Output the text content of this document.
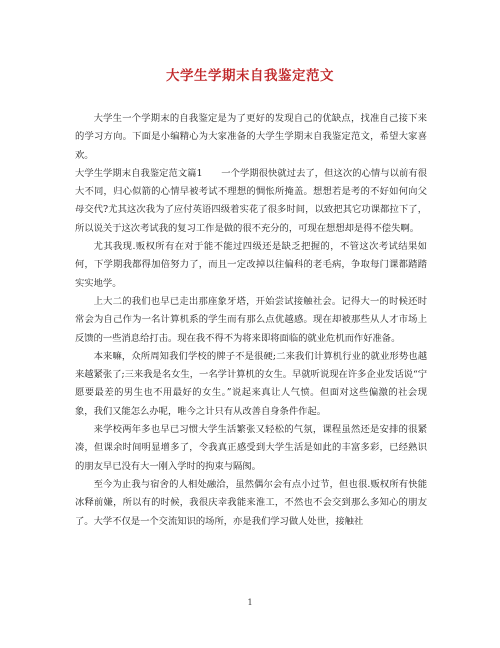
大学生学期末自我鉴定范文

大学生一个学期末的自我鉴定是为了更好的发现自己的优缺点，找准自己接下来的学习方向。下面是小编精心为大家准备的大学生学期末自我鉴定范文，希望大家喜欢。

大学生学期末自我鉴定范文篇1　　一个学期很快就过去了，但这次的心情与以前有很大不同，归心似箭的心情早被考试不理想的惆怅所掩盖。想想若是考的不好如何向父母交代?尤其这次我为了应付英语四级着实花了很多时间，以致把其它功课都拉下了，所以说关于这次考试我的复习工作是做的很不充分的，可现在想想却是得不偿失啊。

尤其我现.贩权所有在对于能不能过四级还是缺乏把握的，不管这次考试结果如何，下学期我都得加倍努力了，而且一定改掉以往偏科的老毛病，争取每门课都踏踏实实地学。

上大二的我们也早已走出那座象牙塔，开始尝试接触社会。记得大一的时候还时常会为自己作为一名计算机系的学生而有那么点优越感。现在却被那些从人才市场上反馈的一些消息给打击。现在我不得不为将来即将面临的就业危机而作好准备。

本来嘛，众所周知我们学校的牌子不是很硬;二来我们计算机行业的就业形势也越来越紧张了;三来我是名女生，一名学计算机的女生。早就听说现在许多企业发话说“宁愿要最差的男生也不用最好的女生。”说起来真让人气愤。但面对这些偏激的社会现象，我们又能怎么办呢，唯今之计只有从改善自身条件作起。

来学校两年多也早已习惯大学生活繁张又轻松的气氛，课程虽然还是安排的很紧凑，但课余时间明显增多了，令我真正感受到大学生活是如此的丰富多彩，已经熟识的朋友早已没有大一刚入学时的拘束与隔阂。

至今为止我与宿舍的人相处融洽，虽然偶尔会有点小过节，但也很.贩权所有快能冰释前嫌，所以有的时候，我很庆幸我能来淮工，不然也不会交到那么多知心的朋友了。大学不仅是一个交流知识的场所，亦是我们学习做人处世，接触社

1
